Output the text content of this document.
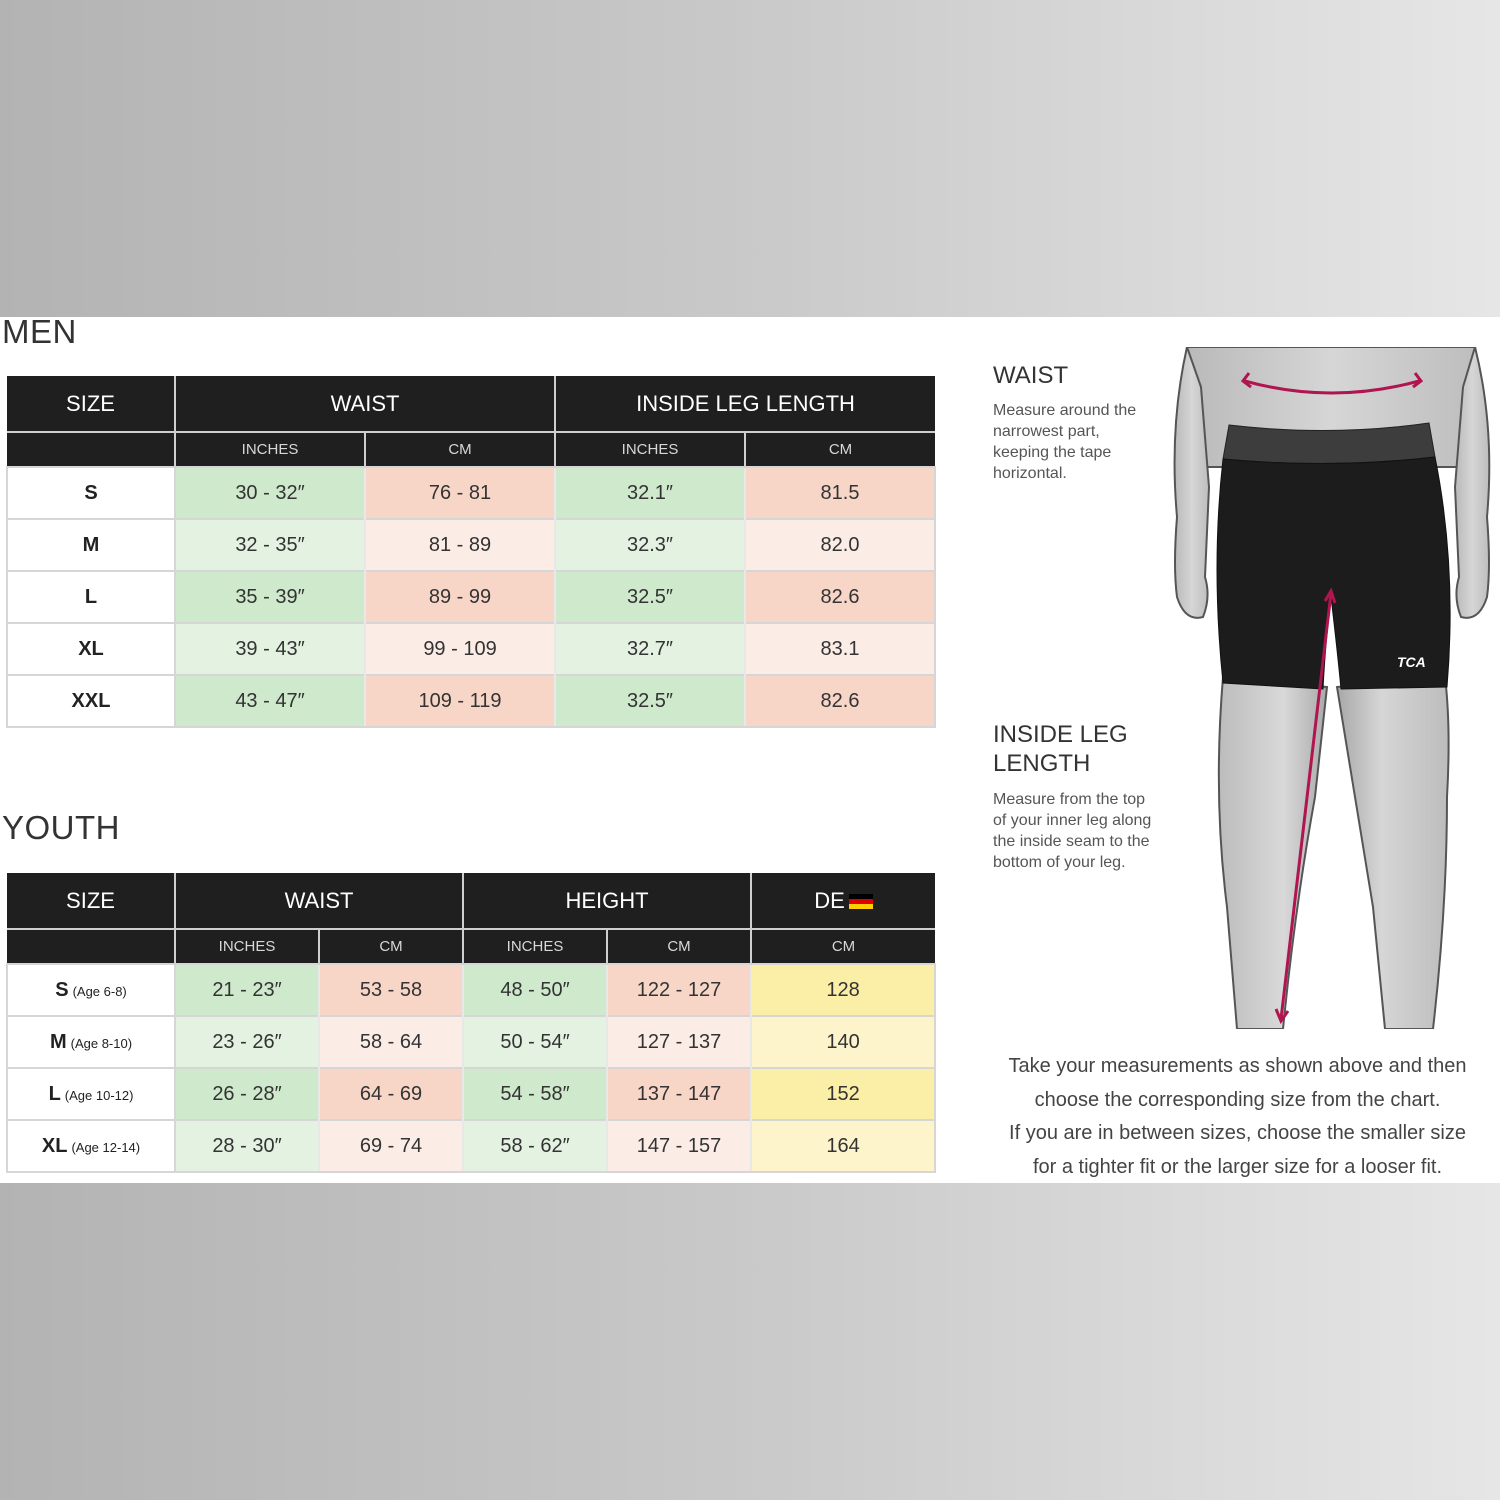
MEN
SIZE	WAIST		INSIDE LEG LENGTH	
	INCHES	CM	INCHES	CM
S	30 - 32″	76 - 81	32.1″	81.5
M	32 - 35″	81 - 89	32.3″	82.0
L	35 - 39″	89 - 99	32.5″	82.6
XL	39 - 43″	99 - 109	32.7″	83.1
XXL	43 - 47″	109 - 119	32.5″	82.6
YOUTH
SIZE	WAIST		HEIGHT		DE
	INCHES	CM	INCHES	CM	CM
S (Age 6-8)	21 - 23″	53 - 58	48 - 50″	122 - 127	128
M (Age 8-10)	23 - 26″	58 - 64	50 - 54″	127 - 137	140
L (Age 10-12)	26 - 28″	64 - 69	54 - 58″	137 - 147	152
XL (Age 12-14)	28 - 30″	69 - 74	58 - 62″	147 - 157	164
WAIST

Measure around the narrowest part, keeping the tape horizontal.

INSIDE LEG
LENGTH

Measure from the top of your inner leg along the inside seam to the bottom of your leg.

TCA

Take your measurements as shown above and then
choose the corresponding size from the chart.
If you are in between sizes, choose the smaller size
for a tighter fit or the larger size for a looser fit.
